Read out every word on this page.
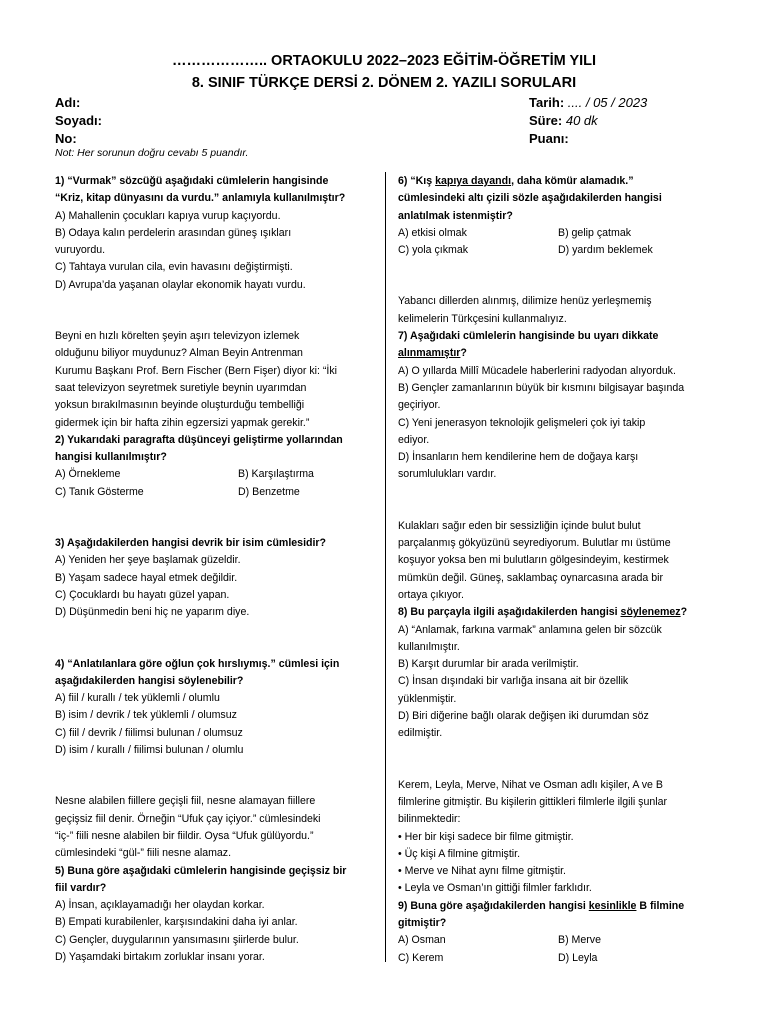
……………….. ORTAOKULU 2022–2023 EĞİTİM-ÖĞRETİM YILI
8. SINIF TÜRKÇE DERSİ 2. DÖNEM 2. YAZILI SORULARI
Adı:
Soyadı:
No:
Tarih: .... / 05 / 2023
Süre: 40 dk
Puanı:
Not: Her sorunun doğru cevabı 5 puandır.

1) “Vurmak” sözcüğü aşağıdaki cümlelerin hangisinde

“Kriz, kitap dünyasını da vurdu.” anlamıyla kullanılmıştır?

A) Mahallenin çocukları kapıya vurup kaçıyordu.

B) Odaya kalın perdelerin arasından güneş ışıkları

vuruyordu.

C) Tahtaya vurulan cila, evin havasını değiştirmişti.

D) Avrupa’da yaşanan olaylar ekonomik hayatı vurdu.

Beyni en hızlı körelten şeyin aşırı televizyon izlemek

olduğunu biliyor muydunuz? Alman Beyin Antrenman

Kurumu Başkanı Prof. Bern Fischer (Bern Fişer) diyor ki: “İki

saat televizyon seyretmek suretiyle beynin uyarımdan

yoksun bırakılmasının beyinde oluşturduğu tembelliği

gidermek için bir hafta zihin egzersizi yapmak gerekir.”

2) Yukarıdaki paragrafta düşünceyi geliştirme yollarından

hangisi kullanılmıştır?

A) Örnekleme	B) Karşılaştırma
C) Tanık Gösterme	D) Benzetme

3) Aşağıdakilerden hangisi devrik bir isim cümlesidir?

A) Yeniden her şeye başlamak güzeldir.

B) Yaşam sadece hayal etmek değildir.

C) Çocuklardı bu hayatı güzel yapan.

D) Düşünmedin beni hiç ne yaparım diye.

4) “Anlatılanlara göre oğlun çok hırslıymış.” cümlesi için

aşağıdakilerden hangisi söylenebilir?

A) fiil / kurallı / tek yüklemli / olumlu

B) isim / devrik / tek yüklemli / olumsuz

C) fiil / devrik / fiilimsi bulunan / olumsuz

D) isim / kurallı / fiilimsi bulunan / olumlu

Nesne alabilen fiillere geçişli fiil, nesne alamayan fiillere

geçişsiz fiil denir. Örneğin “Ufuk çay içiyor.” cümlesindeki

“iç-” fiili nesne alabilen bir fiildir. Oysa “Ufuk gülüyordu.”

cümlesindeki “gül-” fiili nesne alamaz.

5) Buna göre aşağıdaki cümlelerin hangisinde geçişsiz bir

fiil vardır?

A) İnsan, açıklayamadığı her olaydan korkar.

B) Empati kurabilenler, karşısındakini daha iyi anlar.

C) Gençler, duygularının yansımasını şiirlerde bulur.

D) Yaşamdaki birtakım zorluklar insanı yorar.

6) “Kış kapıya dayandı, daha kömür alamadık.”

cümlesindeki altı çizili sözle aşağıdakilerden hangisi

anlatılmak istenmiştir?

A) etkisi olmak	B) gelip çatmak
C) yola çıkmak	D) yardım beklemek

Yabancı dillerden alınmış, dilimize henüz yerleşmemiş

kelimelerin Türkçesini kullanmalıyız.

7) Aşağıdaki cümlelerin hangisinde bu uyarı dikkate

alınmamıştır?

A) O yıllarda Millî Mücadele haberlerini radyodan alıyorduk.

B) Gençler zamanlarının büyük bir kısmını bilgisayar başında

geçiriyor.

C) Yeni jenerasyon teknolojik gelişmeleri çok iyi takip

ediyor.

D) İnsanların hem kendilerine hem de doğaya karşı

sorumlulukları vardır.

Kulakları sağır eden bir sessizliğin içinde bulut bulut

parçalanmış gökyüzünü seyrediyorum. Bulutlar mı üstüme

koşuyor yoksa ben mi bulutların gölgesindeyim, kestirmek

mümkün değil. Güneş, saklambaç oynarcasına arada bir

ortaya çıkıyor.

8) Bu parçayla ilgili aşağıdakilerden hangisi söylenemez?

A) “Anlamak, farkına varmak” anlamına gelen bir sözcük

kullanılmıştır.

B) Karşıt durumlar bir arada verilmiştir.

C) İnsan dışındaki bir varlığa insana ait bir özellik

yüklenmiştir.

D) Biri diğerine bağlı olarak değişen iki durumdan söz

edilmiştir.

Kerem, Leyla, Merve, Nihat ve Osman adlı kişiler, A ve B

filmlerine gitmiştir. Bu kişilerin gittikleri filmlerle ilgili şunlar

bilinmektedir:

• Her bir kişi sadece bir filme gitmiştir.

• Üç kişi A filmine gitmiştir.

• Merve ve Nihat aynı filme gitmiştir.

• Leyla ve Osman’ın gittiği filmler farklıdır.

9) Buna göre aşağıdakilerden hangisi kesinlikle B filmine

gitmiştir?

A) Osman	B) Merve
C) Kerem	D) Leyla
